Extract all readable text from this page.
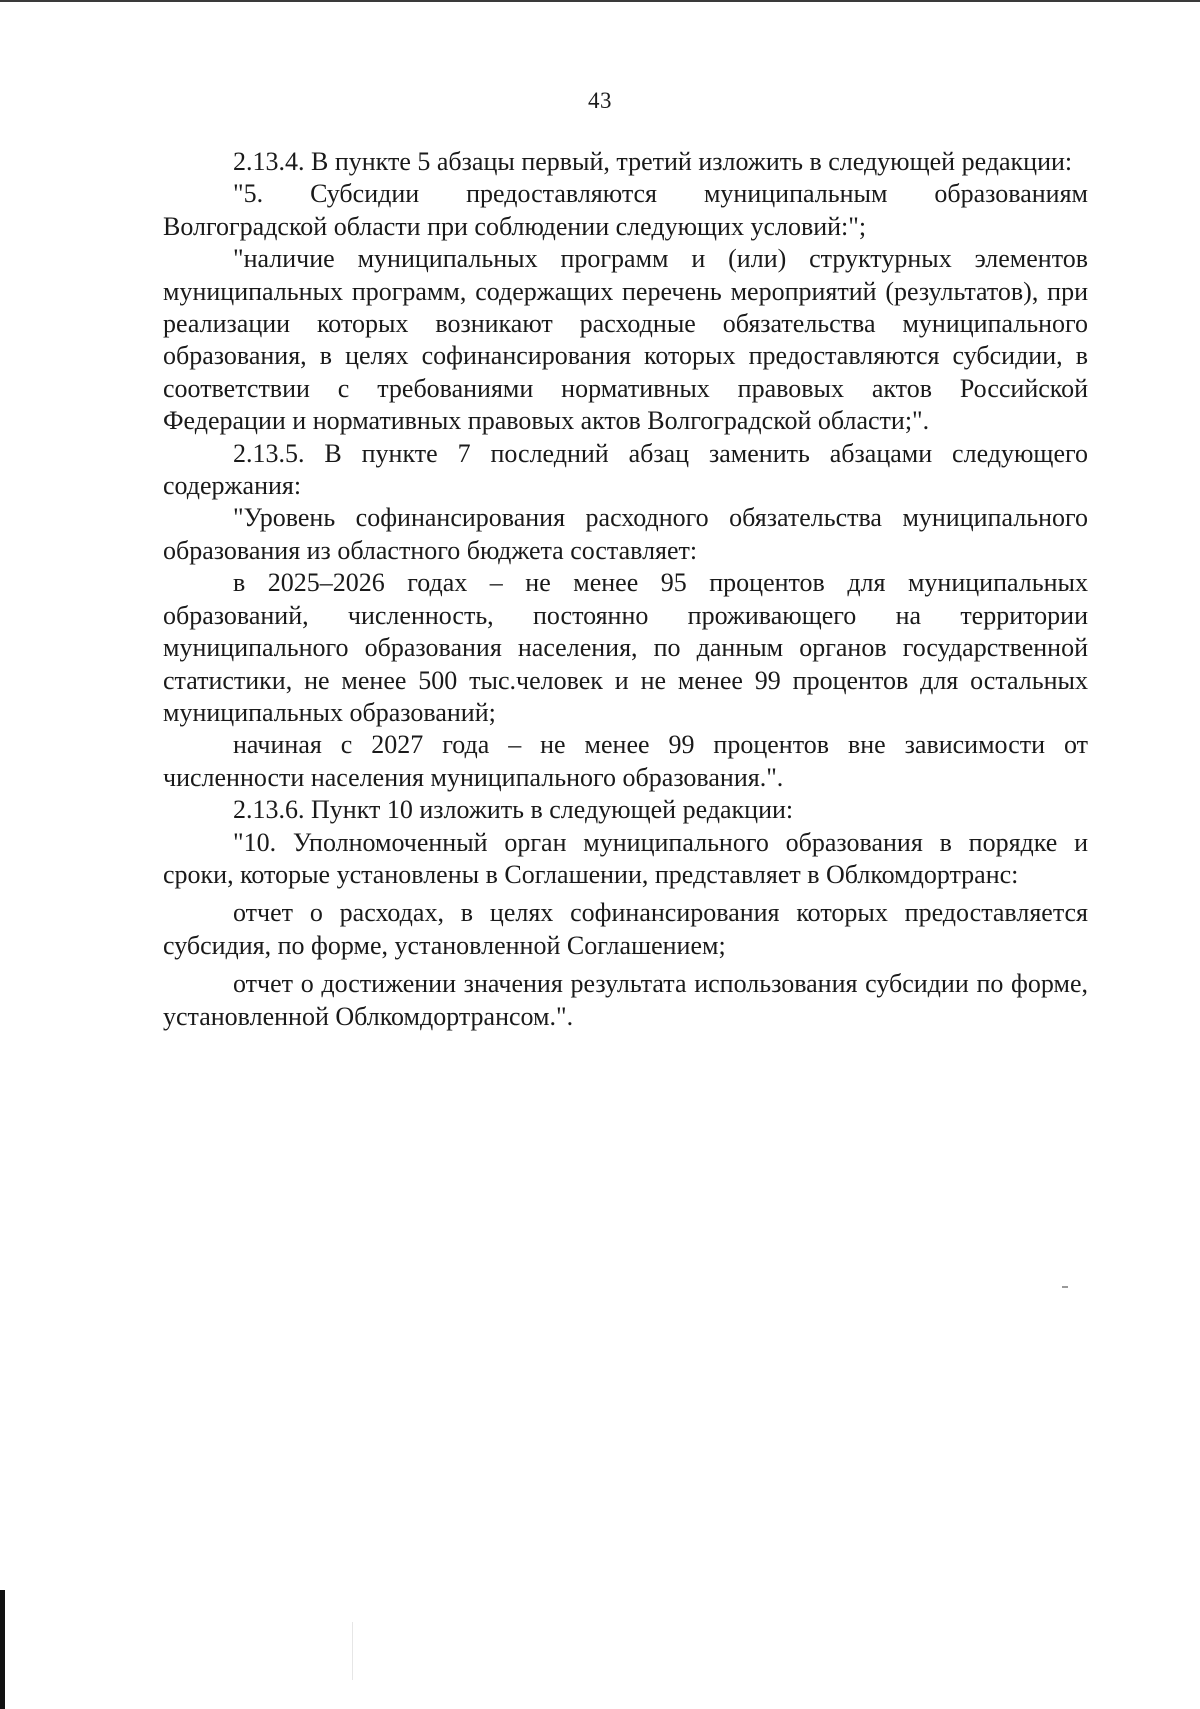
43

2.13.4. В пункте 5 абзацы первый, третий изложить в следующей редакции:

"5. Субсидии предоставляются муниципальным образованиям Волгоградской области при соблюдении следующих условий:";

"наличие муниципальных программ и (или) структурных элементов муниципальных программ, содержащих перечень мероприятий (результатов), при реализации которых возникают расходные обязательства муниципального образования, в целях софинансирования которых предоставляются субсидии, в соответствии с требованиями нормативных правовых актов Российской Федерации и нормативных правовых актов Волгоградской области;".

2.13.5. В пункте 7 последний абзац заменить абзацами следующего содержания:

"Уровень софинансирования расходного обязательства муниципального образования из областного бюджета составляет:

в 2025–2026 годах – не менее 95 процентов для муниципальных образований, численность, постоянно проживающего на территории муниципального образования населения, по данным органов государственной статистики, не менее 500 тыс.человек и не менее 99 процентов для остальных муниципальных образований;

начиная с 2027 года – не менее 99 процентов вне зависимости от численности населения муниципального образования.".

2.13.6. Пункт 10 изложить в следующей редакции:

"10. Уполномоченный орган муниципального образования в порядке и сроки, которые установлены в Соглашении, представляет в Облкомдортранс:

отчет о расходах, в целях софинансирования которых предоставляется субсидия, по форме, установленной Соглашением;

отчет о достижении значения результата использования субсидии по форме, установленной Облкомдортрансом.".
